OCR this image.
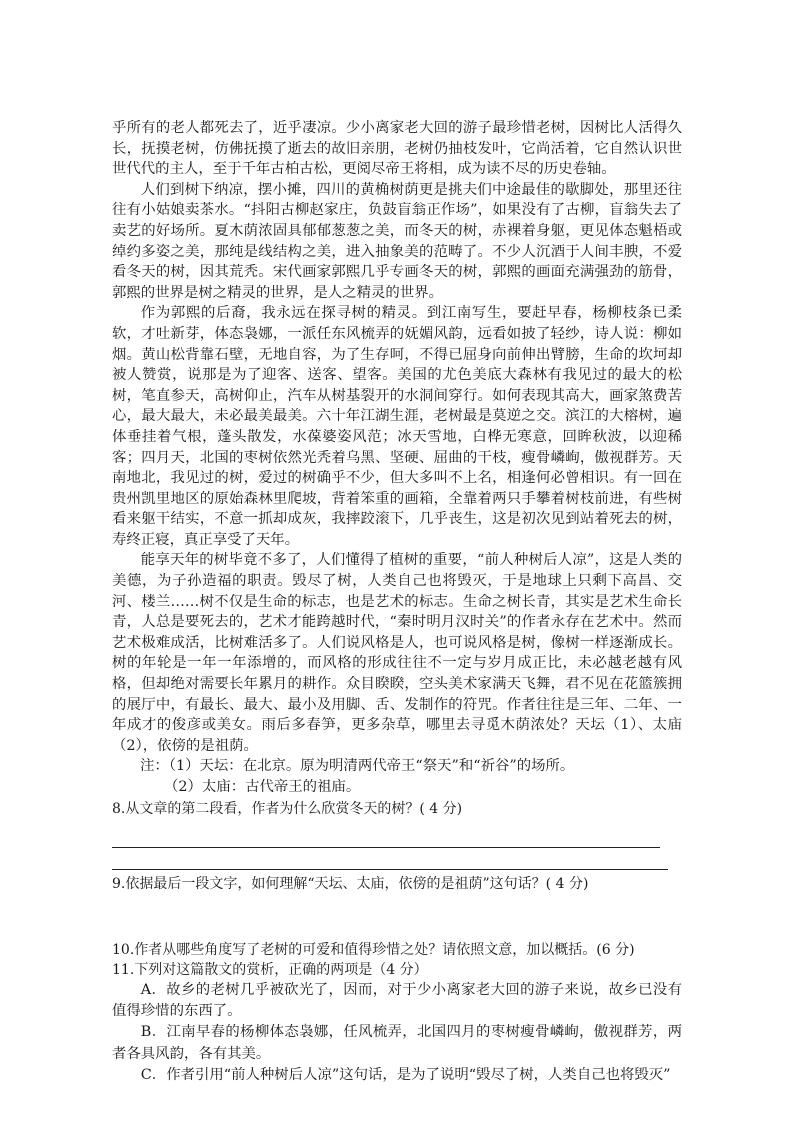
乎所有的老人都死去了，近乎凄凉。少小离家老大回的游子最珍惜老树，因树比人活得久长，抚摸老树，仿佛抚摸了逝去的故旧亲朋，老树仍抽枝发叶，它尚活着，它自然认识世世代代的主人，至于千年古柏古松，更阅尽帝王将相，成为读不尽的历史卷轴。

人们到树下纳凉，摆小摊，四川的黄桷树荫更是挑夫们中途最佳的歇脚处，那里还往往有小姑娘卖茶水。“抖阳古柳赵家庄，负鼓盲翁正作场”，如果没有了古柳，盲翁失去了卖艺的好场所。夏木荫浓固具郁郁葱葱之美，而冬天的树，赤裸着身躯，更见体态魁梧或绰约多姿之美，那纯是线结构之美，进入抽象美的范畴了。不少人沉酒于人间丰腴，不爱看冬天的树，因其荒秃。宋代画家郭熙几乎专画冬天的树，郭熙的画面充满强劲的筋骨，郭熙的世界是树之精灵的世界，是人之精灵的世界。

作为郭熙的后裔，我永远在探寻树的精灵。到江南写生，要赶早春，杨柳枝条已柔软，才吐新芽，体态袅娜，一派任东风梳弄的妩媚风韵，远看如披了轻纱，诗人说：柳如烟。黄山松背靠石壁，无地自容，为了生存呵，不得已屈身向前伸出臂膀，生命的坎坷却被人赞赏，说那是为了迎客、送客、望客。美国的尤色美底大森林有我见过的最大的松树，笔直参天，高树仰止，汽车从树基裂开的水洞间穿行。如何表现其高大，画家煞费苦心，最大最大，未必最美最美。六十年江湖生涯，老树最是莫逆之交。滨江的大榕树，遍体垂挂着气根，蓬头散发，水葆婆姿风范；冰天雪地，白桦无寒意，回眸秋波，以迎稀客；四月天，北国的枣树依然光秃着乌黑、坚硬、屈曲的干枝，瘦骨嶙峋，傲视群芳。天南地北，我见过的树，爱过的树确乎不少，但大多叫不上名，相逢何必曾相识。有一回在贵州凯里地区的原始森林里爬坡，背着笨重的画箱，全靠着两只手攀着树枝前进，有些树看来躯干结实，不意一抓却成灰，我摔跤滚下，几乎丧生，这是初次见到站着死去的树，寿终正寝，真正享受了天年。

能享天年的树毕竟不多了，人们懂得了植树的重要，“前人种树后人凉”，这是人类的美德，为子孙造福的职责。毁尽了树，人类自己也将毁灭，于是地球上只剩下高昌、交河、楼兰……树不仅是生命的标志，也是艺术的标志。生命之树长青，其实是艺术生命长青，人总是要死去的，艺术才能跨越时代，“秦时明月汉时关”的作者永存在艺术中。然而艺术极难成活，比树难活多了。人们说风格是人，也可说风格是树，像树一样逐渐成长。树的年轮是一年一年添增的，而风格的形成往往不一定与岁月成正比，未必越老越有风格，但却绝对需要长年累月的耕作。众目睽睽，空头美术家满天飞舞，君不见在花篮簇拥的展厅中，有最长、最大、最小及用脚、舌、发制作的符咒。作者往往是三年、二年、一年成才的俊彦或美女。雨后多春笋，更多杂草，哪里去寻觅木荫浓处？天坛（1）、太庙（2），依傍的是祖荫。

注：（1）天坛：在北京。原为明清两代帝王“祭天”和“祈谷”的场所。
（2）太庙：古代帝王的祖庙。

8.从文章的第二段看，作者为什么欣赏冬天的树？( 4 分)

9.依据最后一段文字，如何理解“天坛、太庙，依傍的是祖荫”这句话？( 4 分)

10.作者从哪些角度写了老树的可爱和值得珍惜之处？请依照文意，加以概括。(6 分)

11.下列对这篇散文的赏析，正确的两项是（4 分）

A．故乡的老树几乎被砍光了，因而，对于少小离家老大回的游子来说，故乡已没有值得珍惜的东西了。

B．江南早春的杨柳体态袅娜，任风梳弄，北国四月的枣树瘦骨嶙峋，傲视群芳，两者各具风韵，各有其美。

C．作者引用“前人种树后人凉”这句话，是为了说明“毁尽了树，人类自己也将毁灭”
